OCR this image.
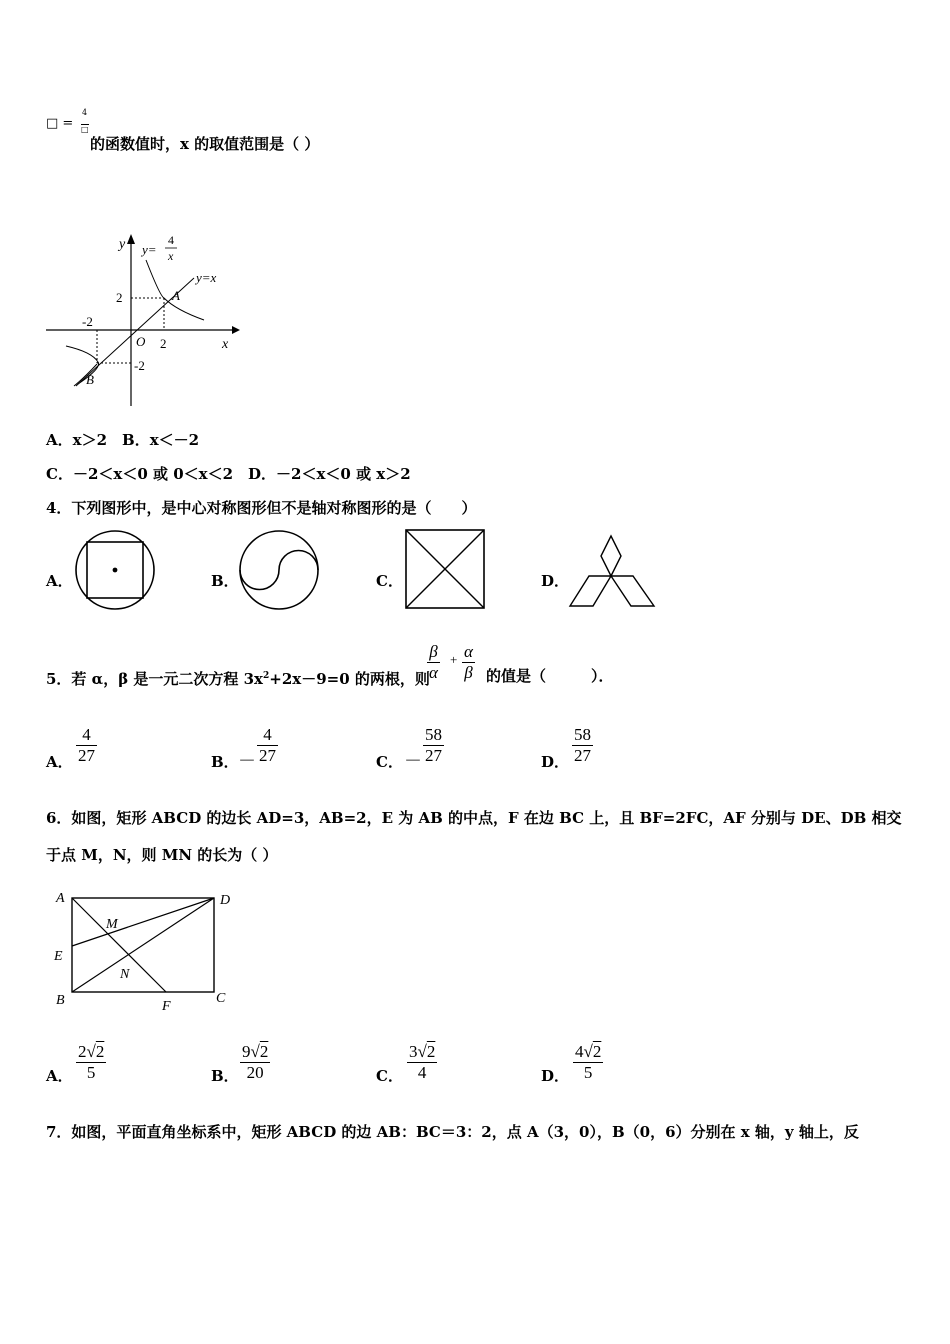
□ =
4
□
的函数值时，x 的取值范围是（ ）
y y=
4
x
y=x
A
B
O	x
2
-2
2
-2
A．x＞2　B．x＜－2
C．－2＜x＜0 或 0＜x＜2　D．－2＜x＜0 或 x＞2
4．下列图形中，是中心对称图形但不是轴对称图形的是（　　）
A．	B．	C．	D．
5．若 α，β 是一元二次方程 $3x^2+2x-9=0$ 的两根，则
$\frac{\beta}{\alpha} + \frac{\alpha}{\beta}$ 的值是（　　　）．
A． $\frac{4}{27}$	B． － $\frac{4}{27}$	C． － $\frac{58}{27}$	D． $\frac{58}{27}$
6．如图，矩形 ABCD 的边长 AD=3，AB=2，E 为 AB 的中点，F 在边 BC 上，且 BF=2FC，AF 分别与 DE、DB 相交
于点 M，N，则 MN 的长为（ ）
A	D
E
M
N
B	F
C
A． $\frac{2√2}{5}$	B． $\frac{9√2}{20}$	C． $\frac{3√2}{4}$	D． $\frac{4√2}{5}$
7．如图，平面直角坐标系中，矩形 ABCD 的边 AB：BC＝3：2，点 A（3，0），B（0，6）分别在 x 轴，y 轴上，反
